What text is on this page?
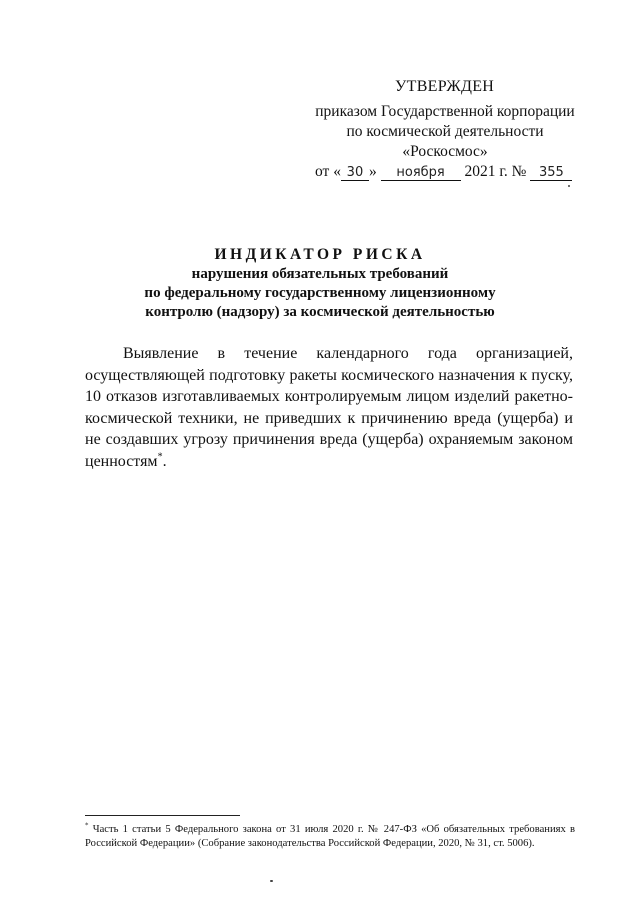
УТВЕРЖДЕН
приказом Государственной корпорации
по космической деятельности
«Роскосмос»
от « 30 » ноября 2021 г. № 355
ИНДИКАТОР РИСКА
нарушения обязательных требований
по федеральному государственному лицензионному
контролю (надзору) за космической деятельностью
Выявление в течение календарного года организацией, осуществляющей подготовку ракеты космического назначения к пуску, 10 отказов изготавливаемых контролируемым лицом изделий ракетно-космической техники, не приведших к причинению вреда (ущерба) и не создавших угрозу причинения вреда (ущерба) охраняемым законом ценностям*.
* Часть 1 статьи 5 Федерального закона от 31 июля 2020 г. № 247-ФЗ «Об обязательных требованиях в Российской Федерации» (Собрание законодательства Российской Федерации, 2020, № 31, ст. 5006).
